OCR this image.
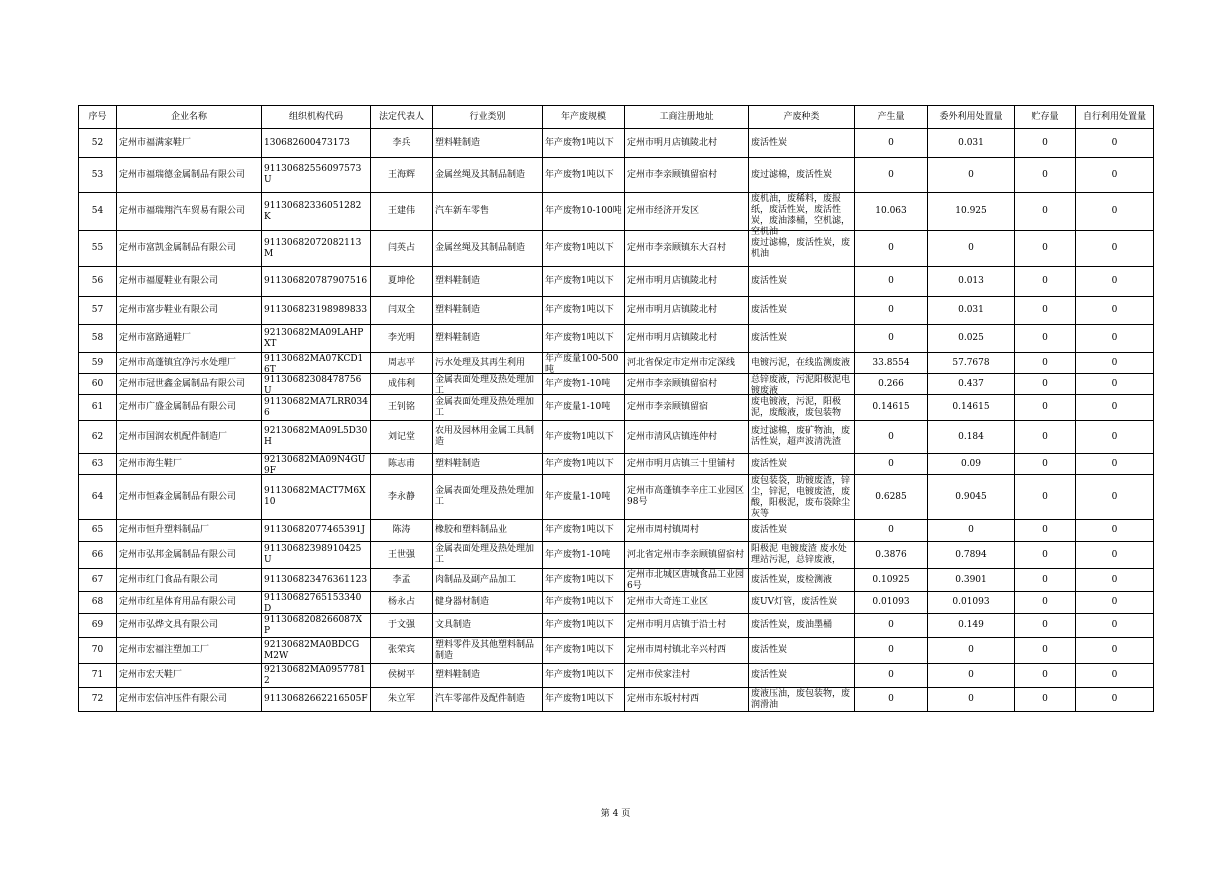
序号	企业名称	组织机构代码	法定代表人	行业类别	年产废规模	工商注册地址	产废种类	产生量	委外利用处置量	贮存量	自行利用处置量

52	定州市福满家鞋厂	130682600473173	李兵	塑料鞋制造	年产废物1吨以下	定州市明月店镇陵北村	废活性炭	0	0.031	0	0

53	定州市福瑞德金属制品有限公司	91130682556097573U	王海辉	金属丝绳及其制品制造	年产废物1吨以下	定州市李亲顾镇留宿村	废过滤棉，废活性炭	0	0	0	0

54	定州市福瑞翔汽车贸易有限公司	9113068233605128​2K	王建伟	汽车新车零售	年产废物10-100吨	定州市经济开发区	废机油，废稀料，废报纸，废活性炭，废活性炭，废油漆桶，空机滤，空机油	10.063	10.925	0	0

55	定州市富凯金属制品有限公司	91130682072082113M	闫英占	金属丝绳及其制品制造	年产废物1吨以下	定州市李亲顾镇东大召村	废过滤棉，废活性炭，废机油	0	0	0	0

56	定州市福厦鞋业有限公司	911306820787907516	夏坤伦	塑料鞋制造	年产废物1吨以下	定州市明月店镇陵北村	废活性炭	0	0.013	0	0

57	定州市富步鞋业有限公司	911306823198989833	闫双全	塑料鞋制造	年产废物1吨以下	定州市明月店镇陵北村	废活性炭	0	0.031	0	0

58	定州市富路通鞋厂	92130682MA09LAHPXT	李光明	塑料鞋制造	年产废物1吨以下	定州市明月店镇陵北村	废活性炭	0	0.025	0	0

59	定州市高蓬镇宜净污水处理厂	91130682MA07KCD16T	周志平	污水处理及其再生利用	年产废量100-500吨	河北省保定市定州市定深线	电镀污泥，在线监测废液	33.8554	57.7678	0	0

60	定州市冠世鑫金属制品有限公司	91130682308478756U	成伟利	金属表面处理及热处理加工	年产废物1-10吨	定州市李亲顾镇留宿村	总锌废液，污泥阳极泥电镀废液	0.266	0.437	0	0

61	定州市广盛金属制品有限公司	91130682MA7LRR0346	王钊铭	金属表面处理及热处理加工	年产废量1-10吨	定州市李亲顾镇留宿	废电镀液，污泥，阳极泥，废酸液，废包装物	0.14615	0.14615	0	0

62	定州市国润农机配件制造厂	92130682MA09L5D30H	刘记堂	农用及园林用金属工具制造	年产废物1吨以下	定州市清风店镇连仲村	废过滤棉，废矿物油，废活性炭，超声波清洗渣	0	0.184	0	0

63	定州市海生鞋厂	92130682MA09N4GU9F	陈志甫	塑料鞋制造	年产废物1吨以下	定州市明月店镇三十里铺村	废活性炭	0	0.09	0	0

64	定州市恒森金属制品有限公司	91130682MACT7M6X10	李永静	金属表面处理及热处理加工	年产废量1-10吨	定州市高蓬镇李辛庄工业园区98号	废包装袋，助镀废渣，锌尘，锌泥，电镀废渣，废酸，阳极泥，废布袋除尘灰等	0.6285	0.9045	0	0

65	定州市恒升塑料制品厂	91130682077465391J	陈涛	橡胶和塑料制品业	年产废物1吨以下	定州市周村镇周村	废活性炭	0	0	0	0

66	定州市弘邦金属制品有限公司	91130682398910425U	王世强	金属表面处理及热处理加工	年产废物1-10吨	河北省定州市李亲顾镇留宿村	阳极泥 电镀废渣 废水处理站污泥，总锌废液，	0.3876	0.7894	0	0

67	定州市红门食品有限公司	91130682347636​1123	李孟	肉制品及副产品加工	年产废物1吨以下	定州市北城区唐城食品工业园6号	废活性炭，废检测液	0.10925	0.3901	0	0

68	定州市红星体育用品有限公司	91130682765153340D	杨永占	健身器材制造	年产废物1吨以下	定州市大奇连工业区	废UV灯管，废活性炭	0.01093	0.01093	0	0

69	定州市弘烨文具有限公司	91130682082660​87XP	于文强	文具制造	年产废物1吨以下	定州市明月店镇于沿士村	废活性炭，废油墨桶	0	0.149	0	0

70	定州市宏福注塑加工厂	92130682MA0BDCGM2W	张荣宾	塑料零件及其他塑料制品制造	年产废物1吨以下	定州市周村镇北辛兴村西	废活性炭	0	0	0	0

71	定州市宏天鞋厂	92130682MA09577812	侯树平	塑料鞋制造	年产废物1吨以下	定州市侯家洼村	废活性炭	0	0	0	0

72	定州市宏信冲压件有限公司	91130682662216505F	朱立军	汽车零部件及配件制造	年产废物1吨以下	定州市东坂村村西	废液压油，废包装物，废润滑油	0	0	0	0
第 4 页
